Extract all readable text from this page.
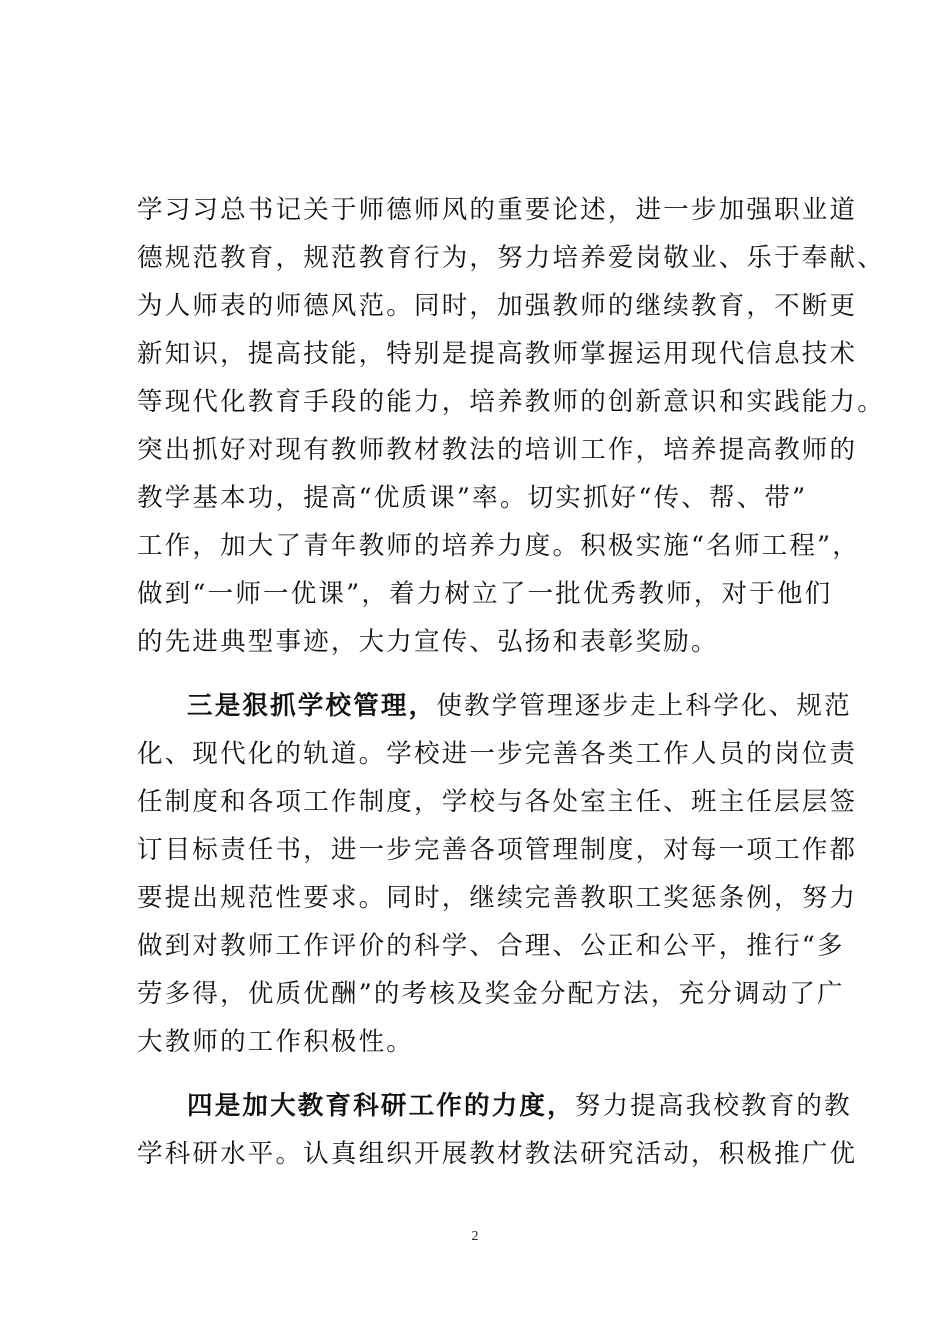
学习习总书记关于师德师风的重要论述，进一步加强职业道
德规范教育，规范教育行为，努力培养爱岗敬业、乐于奉献、
为人师表的师德风范。同时，加强教师的继续教育，不断更
新知识，提高技能，特别是提高教师掌握运用现代信息技术
等现代化教育手段的能力，培养教师的创新意识和实践能力。
突出抓好对现有教师教材教法的培训工作，培养提高教师的
教学基本功，提高“优质课”率。切实抓好“传、帮、带”
工作，加大了青年教师的培养力度。积极实施“名师工程”，
做到“一师一优课”，着力树立了一批优秀教师，对于他们
的先进典型事迹，大力宣传、弘扬和表彰奖励。
三是狠抓学校管理，使教学管理逐步走上科学化、规范
化、现代化的轨道。学校进一步完善各类工作人员的岗位责
任制度和各项工作制度，学校与各处室主任、班主任层层签
订目标责任书，进一步完善各项管理制度，对每一项工作都
要提出规范性要求。同时，继续完善教职工奖惩条例，努力
做到对教师工作评价的科学、合理、公正和公平，推行“多
劳多得，优质优酬”的考核及奖金分配方法，充分调动了广
大教师的工作积极性。
四是加大教育科研工作的力度，努力提高我校教育的教
学科研水平。认真组织开展教材教法研究活动，积极推广优
2
